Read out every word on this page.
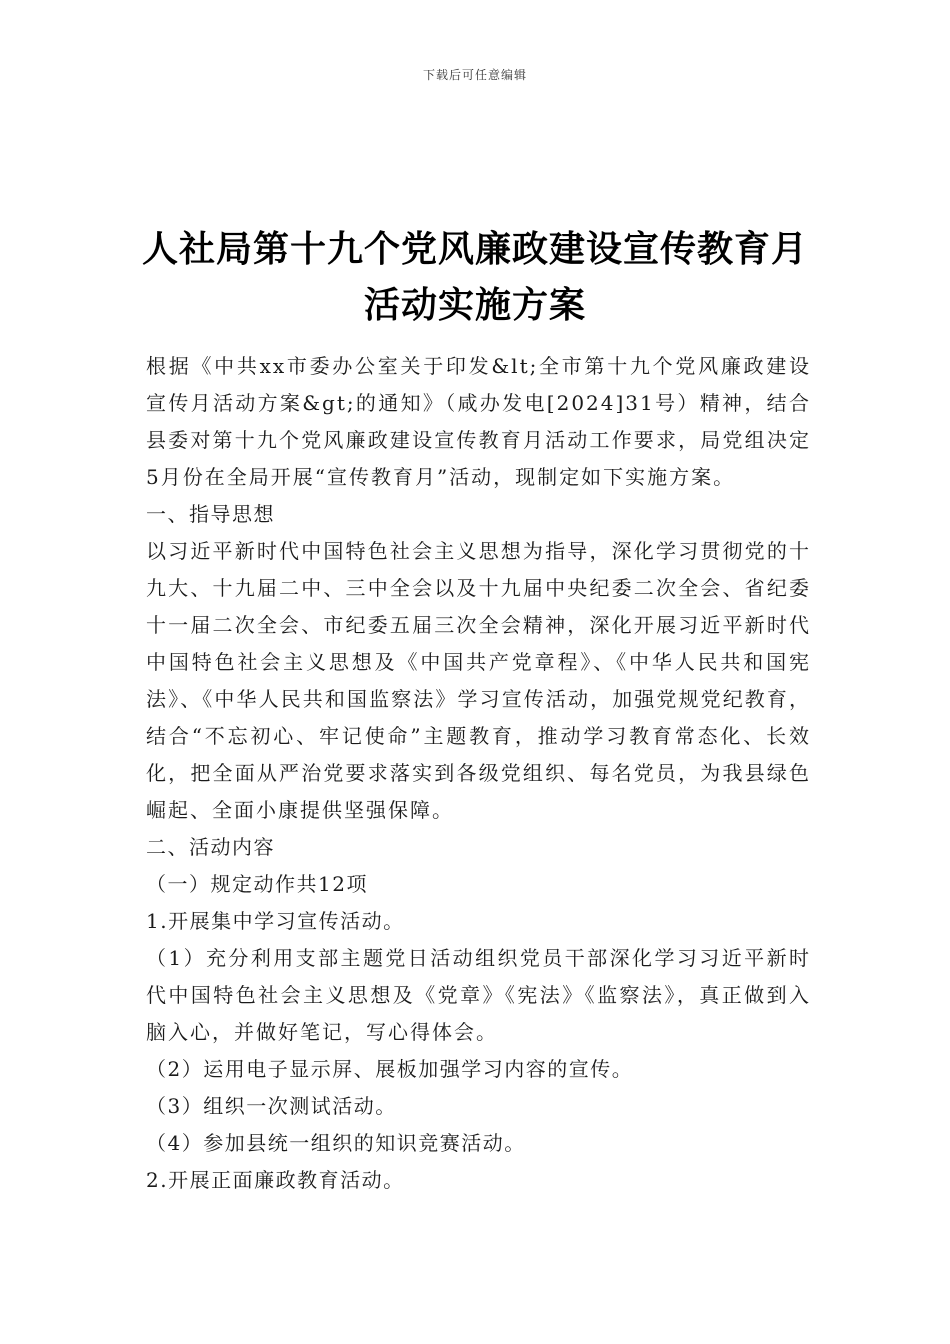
下载后可任意编辑
人社局第十九个党风廉政建设宣传教育月
活动实施方案

根据《中共xx市委办公室关于印发&lt;全市第十九个党风廉政建设宣传月活动方案&gt;的通知》（咸办发电[2024]31号）精神，结合县委对第十九个党风廉政建设宣传教育月活动工作要求，局党组决定5月份在全局开展“宣传教育月”活动，现制定如下实施方案。

一、指导思想

以习近平新时代中国特色社会主义思想为指导，深化学习贯彻党的十九大、十九届二中、三中全会以及十九届中央纪委二次全会、省纪委十一届二次全会、市纪委五届三次全会精神，深化开展习近平新时代中国特色社会主义思想及《中国共产党章程》、《中华人民共和国宪法》、《中华人民共和国监察法》学习宣传活动，加强党规党纪教育，结合“不忘初心、牢记使命”主题教育，推动学习教育常态化、长效化，把全面从严治党要求落实到各级党组织、每名党员，为我县绿色崛起、全面小康提供坚强保障。

二、活动内容

（一）规定动作共12项

1.开展集中学习宣传活动。

（1）充分利用支部主题党日活动组织党员干部深化学习习近平新时代中国特色社会主义思想及《党章》《宪法》《监察法》，真正做到入脑入心，并做好笔记，写心得体会。

（2）运用电子显示屏、展板加强学习内容的宣传。

（3）组织一次测试活动。

（4）参加县统一组织的知识竞赛活动。

2.开展正面廉政教育活动。
